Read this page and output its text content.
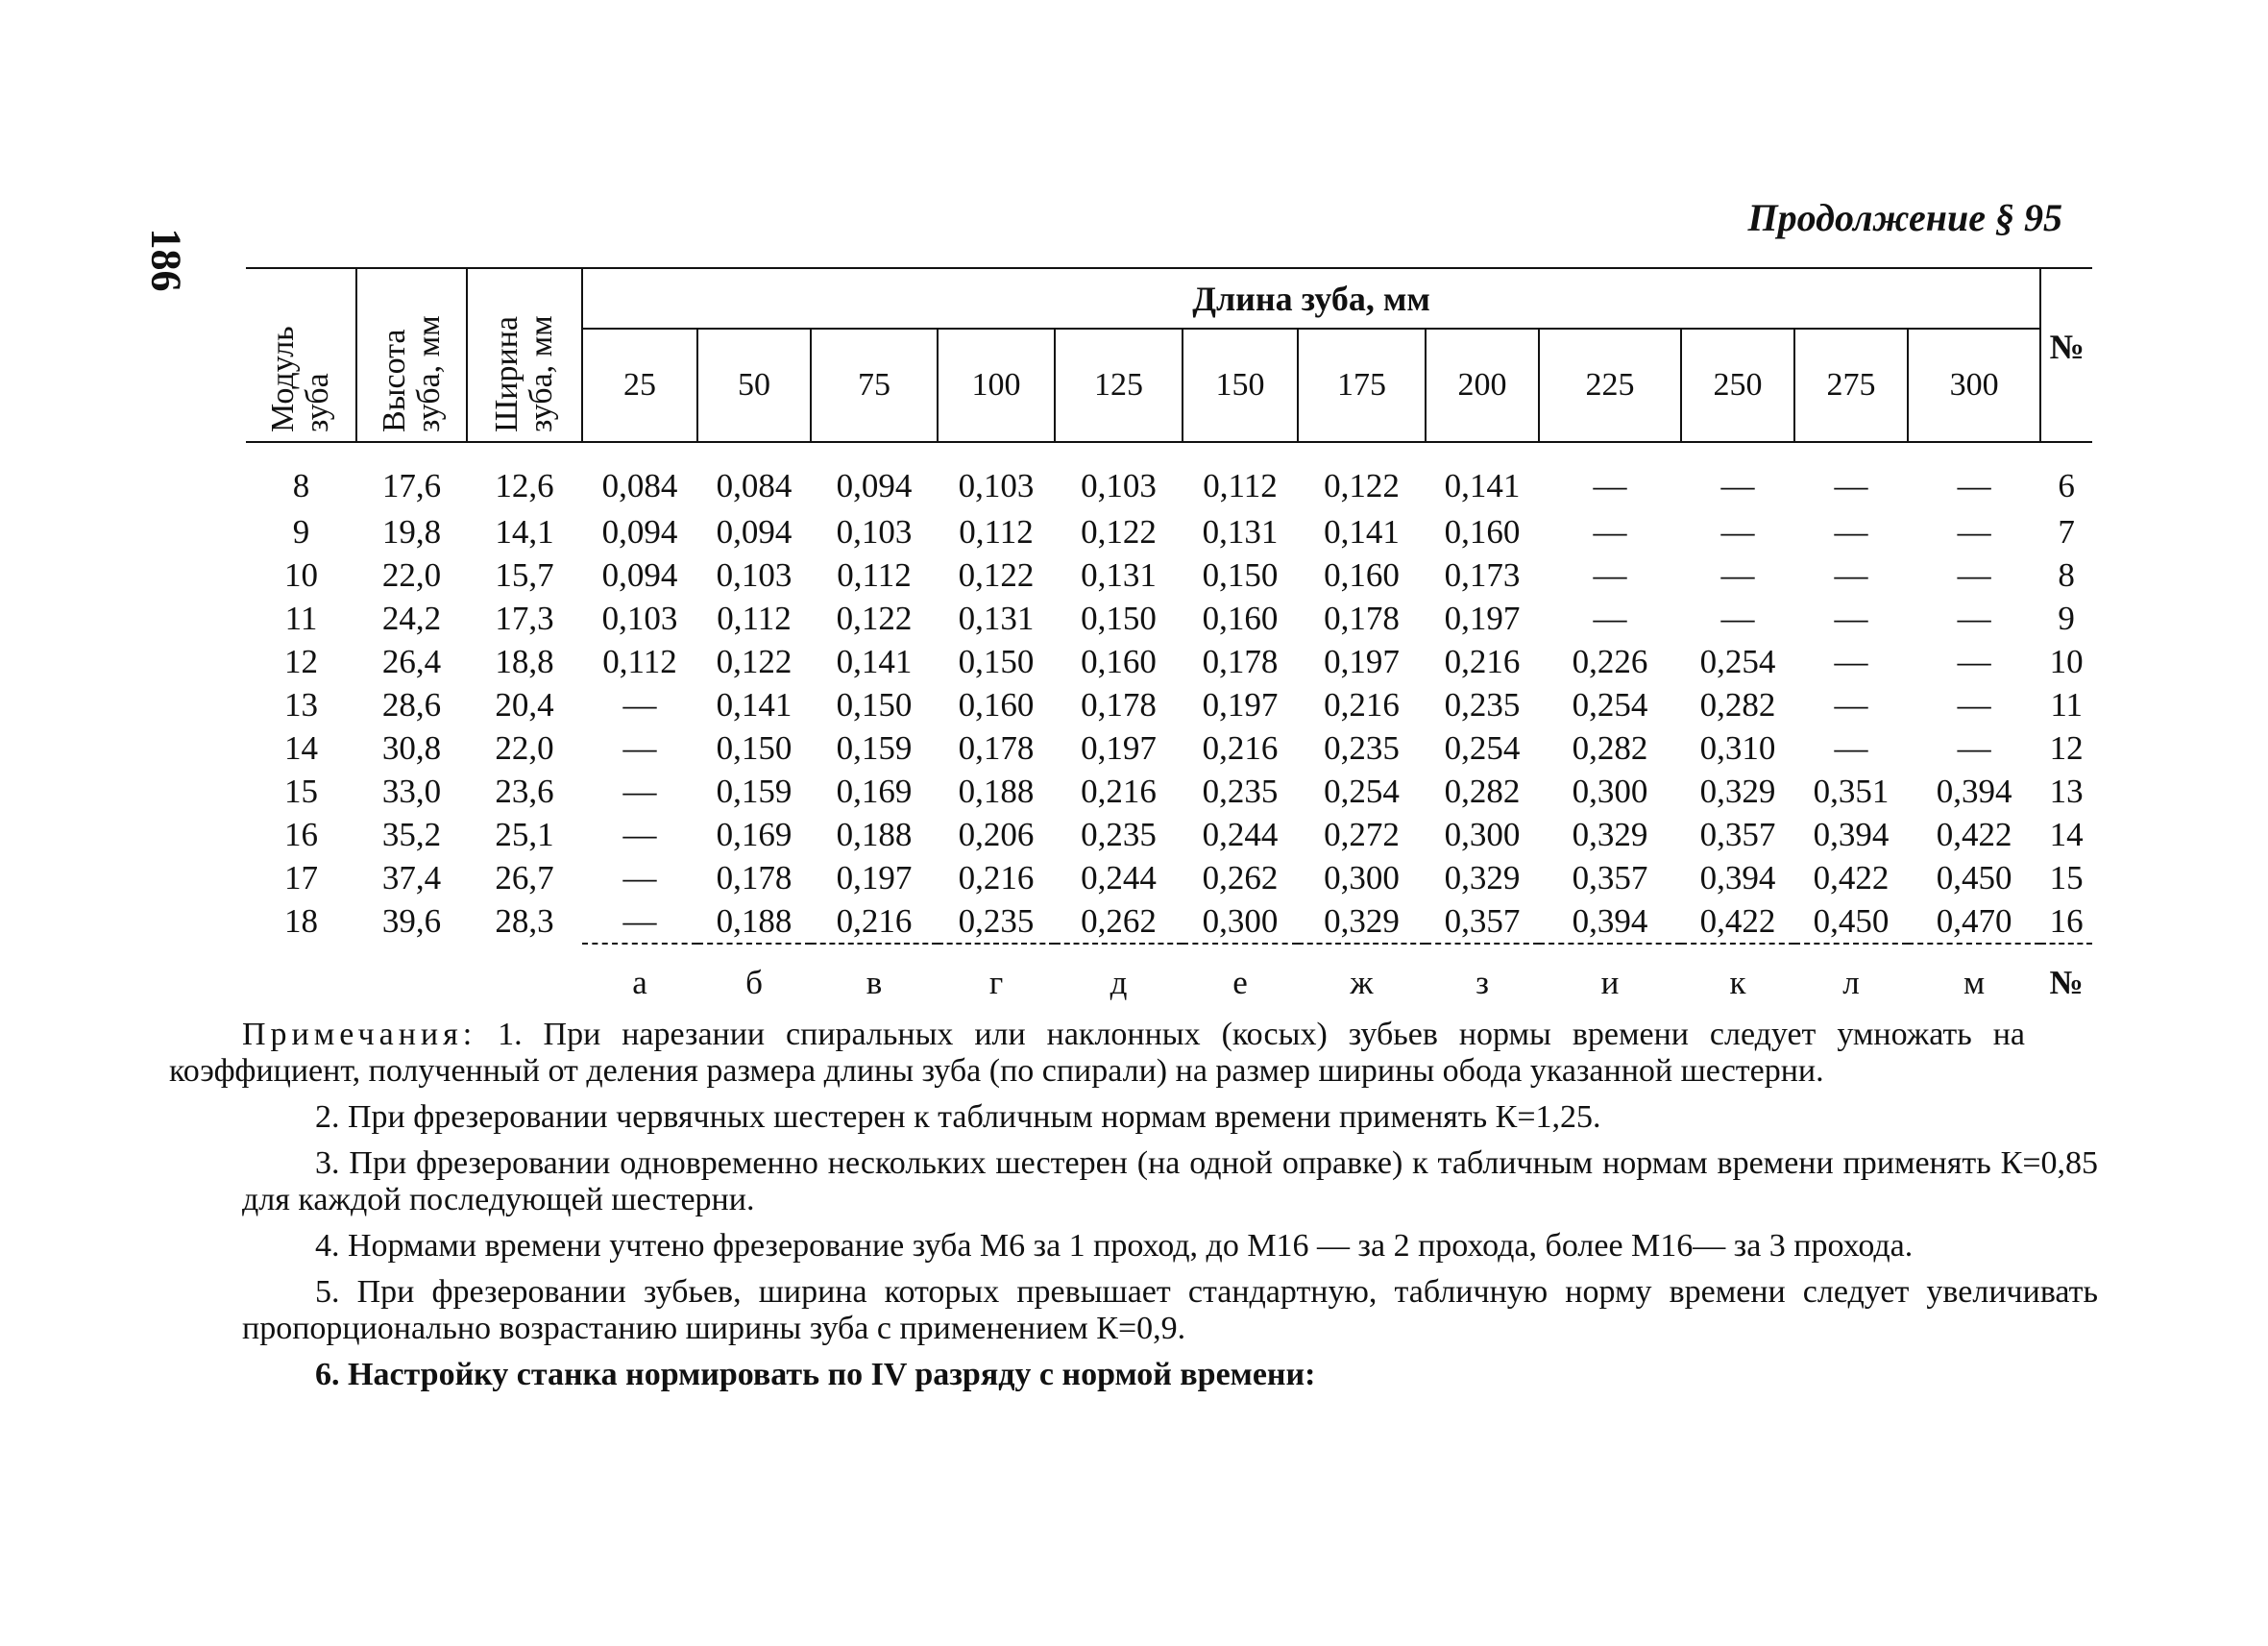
186
Продолжение § 95
Модуль зуба	Высота зуба, мм	Ширина зуба, мм	Длина зуба, мм												№
			25	50	75	100	125	150	175	200	225	250	275	300	
8	17,6	12,6	0,084	0,084	0,094	0,103	0,103	0,112	0,122	0,141	—	—	—	—	6
9	19,8	14,1	0,094	0,094	0,103	0,112	0,122	0,131	0,141	0,160	—	—	—	—	7
10	22,0	15,7	0,094	0,103	0,112	0,122	0,131	0,150	0,160	0,173	—	—	—	—	8
11	24,2	17,3	0,103	0,112	0,122	0,131	0,150	0,160	0,178	0,197	—	—	—	—	9
12	26,4	18,8	0,112	0,122	0,141	0,150	0,160	0,178	0,197	0,216	0,226	0,254	—	—	10
13	28,6	20,4	—	0,141	0,150	0,160	0,178	0,197	0,216	0,235	0,254	0,282	—	—	11
14	30,8	22,0	—	0,150	0,159	0,178	0,197	0,216	0,235	0,254	0,282	0,310	—	—	12
15	33,0	23,6	—	0,159	0,169	0,188	0,216	0,235	0,254	0,282	0,300	0,329	0,351	0,394	13
16	35,2	25,1	—	0,169	0,188	0,206	0,235	0,244	0,272	0,300	0,329	0,357	0,394	0,422	14
17	37,4	26,7	—	0,178	0,197	0,216	0,244	0,262	0,300	0,329	0,357	0,394	0,422	0,450	15
18	39,6	28,3	—	0,188	0,216	0,235	0,262	0,300	0,329	0,357	0,394	0,422	0,450	0,470	16
			а	б	в	г	д	е	ж	з	и	к	л	м	№

Примечания: 1. При нарезании спиральных или наклонных (косых) зубьев нормы времени следует умножать на коэффициент, полученный от деления размера длины зуба (по спирали) на размер ширины обода указанной шестерни.

2. При фрезеровании червячных шестерен к табличным нормам времени применять К=1,25.

3. При фрезеровании одновременно нескольких шестерен (на одной оправке) к табличным нормам времени применять К=0,85 для каждой последующей шестерни.

4. Нормами времени учтено фрезерование зуба М6 за 1 проход, до М16 — за 2 прохода, более М16— за 3 прохода.

5. При фрезеровании зубьев, ширина которых превышает стандартную, табличную норму времени следует увеличивать пропорционально возрастанию ширины зуба с применением К=0,9.

6. Настройку станка нормировать по IV разряду с нормой времени:
